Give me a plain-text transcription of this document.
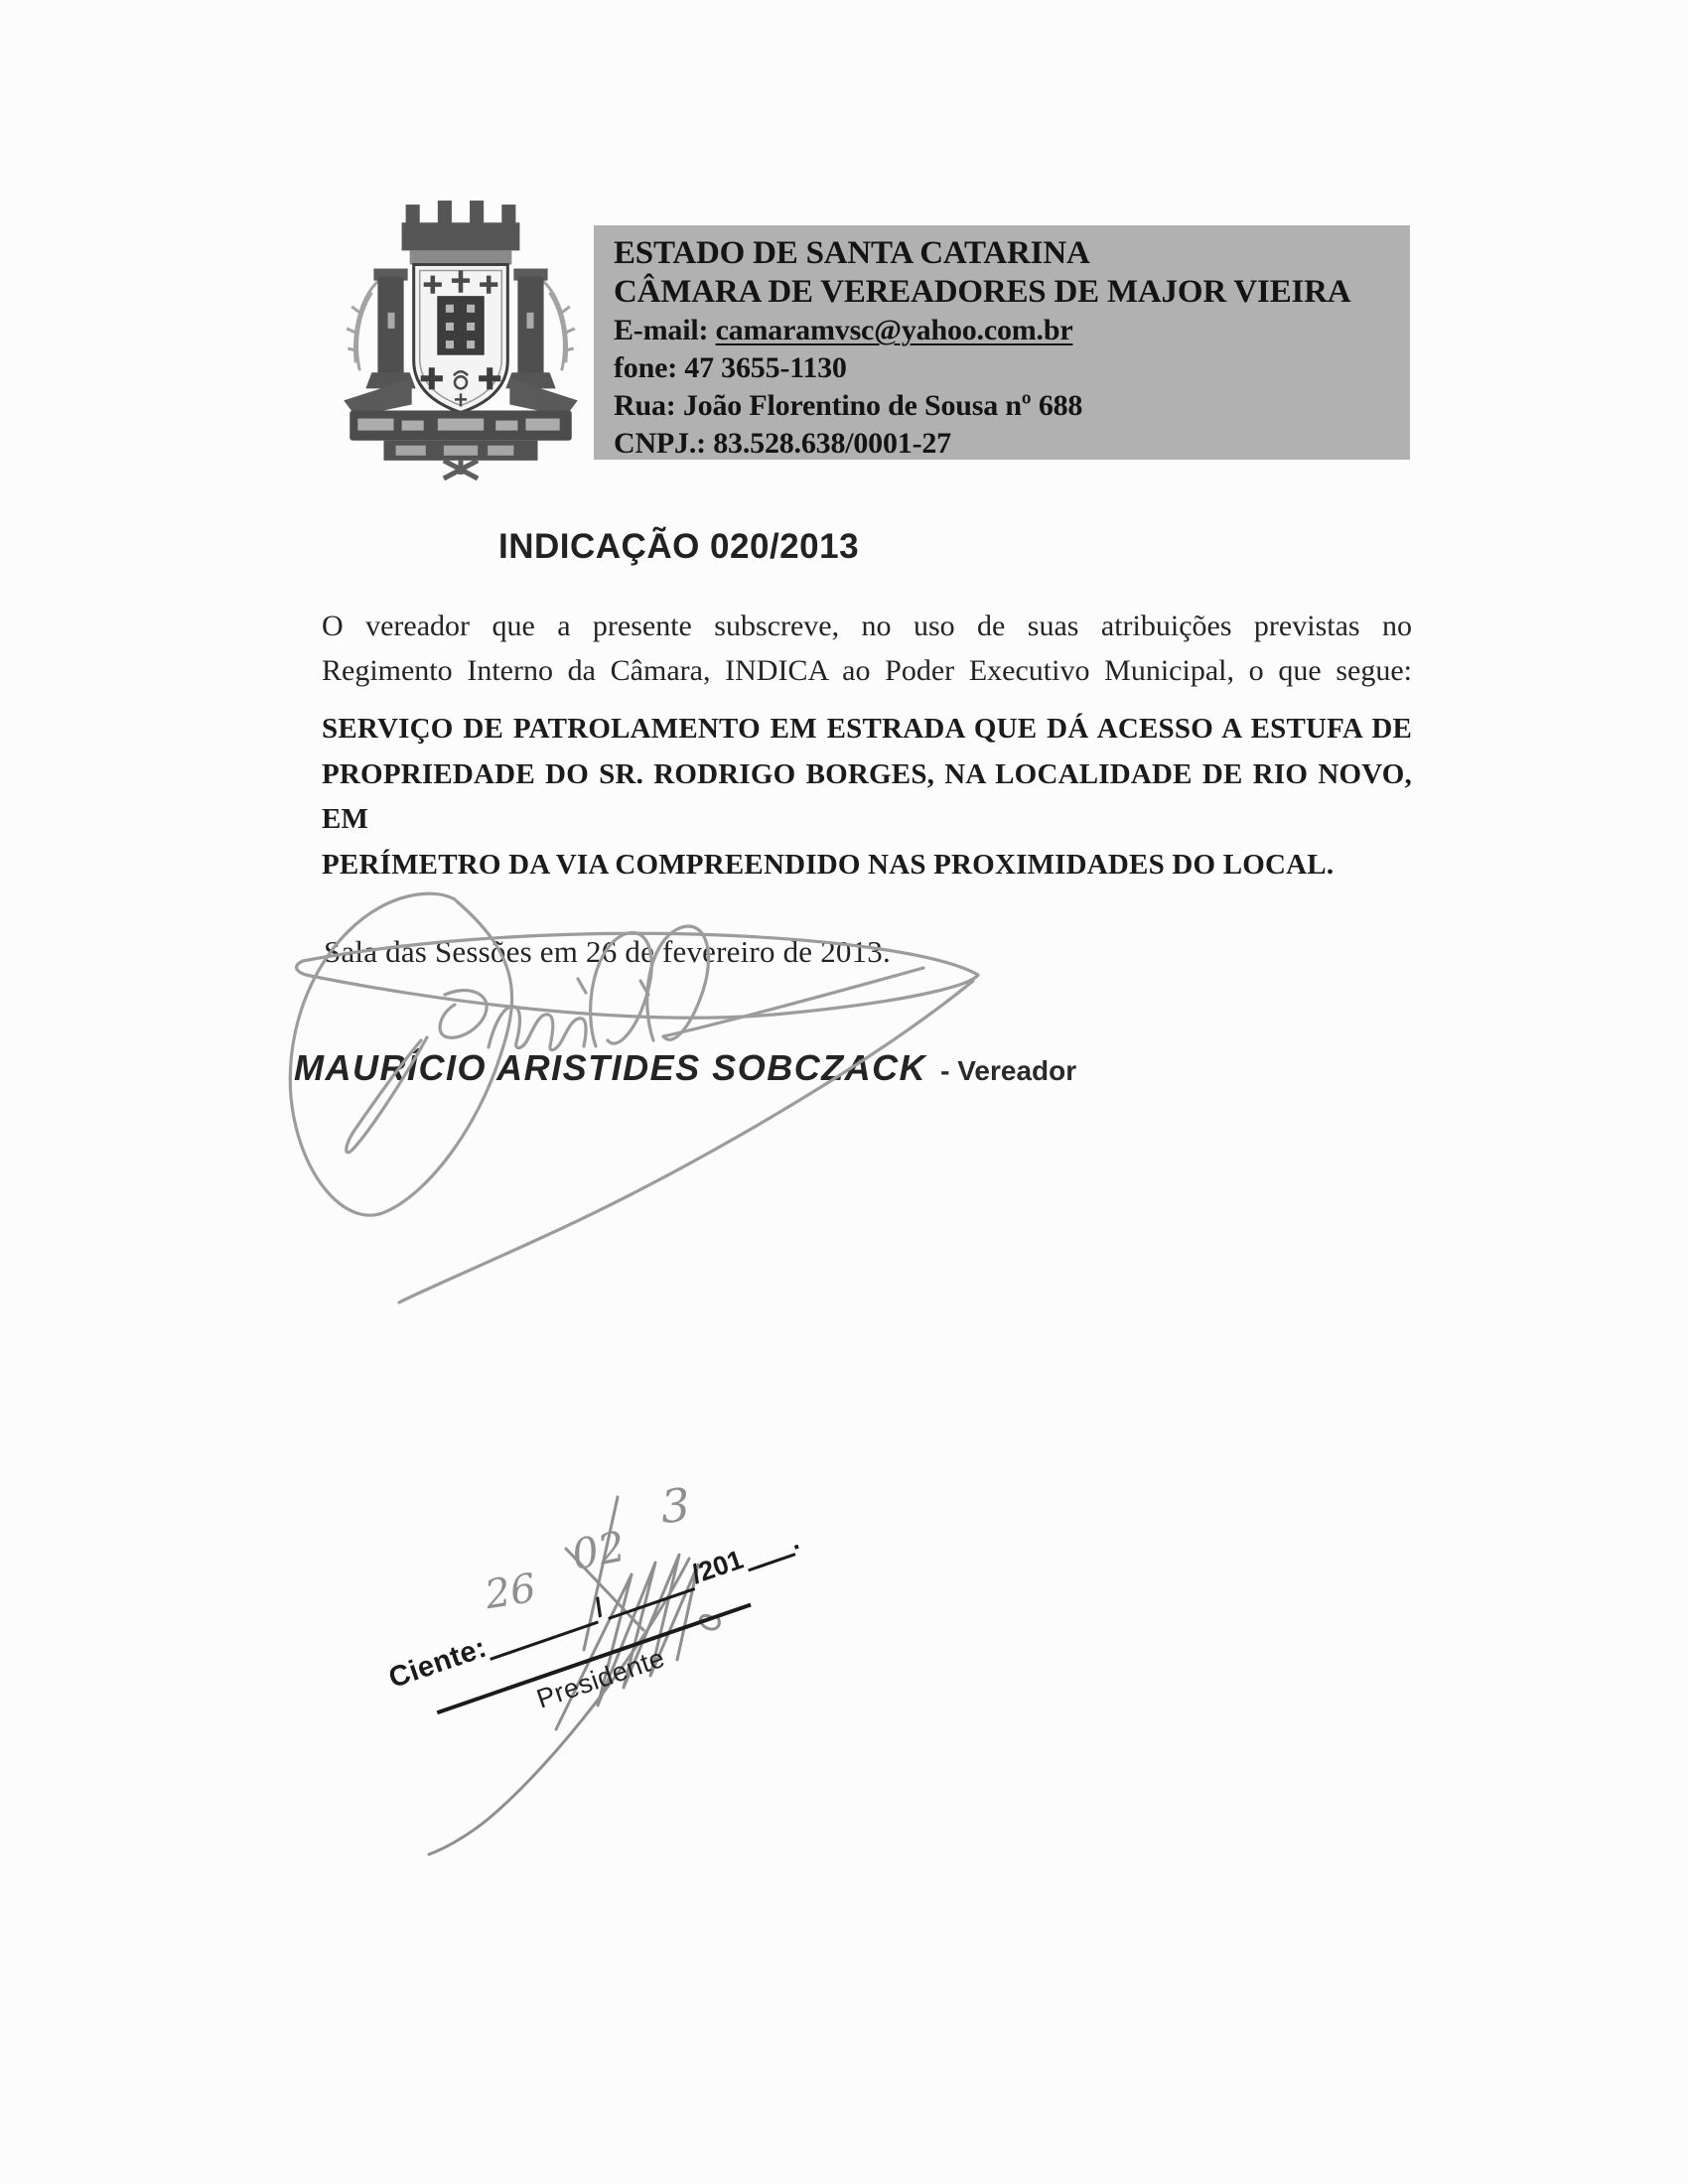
ESTADO DE SANTA CATARINA
CÂMARA DE VEREADORES DE MAJOR VIEIRA
E-mail: camaramvsc@yahoo.com.br
fone: 47 3655-1130
Rua: João Florentino de Sousa nº 688
CNPJ.: 83.528.638/0001-27
INDICAÇÃO 020/2013
O vereador que a presente subscreve, no uso de suas atribuições previstas no
Regimento Interno da Câmara, INDICA ao Poder Executivo Municipal, o que segue:
SERVIÇO DE PATROLAMENTO EM ESTRADA QUE DÁ ACESSO A ESTUFA DE
PROPRIEDADE DO SR. RODRIGO BORGES, NA LOCALIDADE DE RIO NOVO, EM
PERÍMETRO DA VIA COMPREENDIDO NAS PROXIMIDADES DO LOCAL.
Sala das Sessões em 26 de fevereiro de 2013.
MAURÍCIO ARISTIDES SOBCZACK - Vereador
Ciente:
/
/201
.
Presidente
26
02
3
